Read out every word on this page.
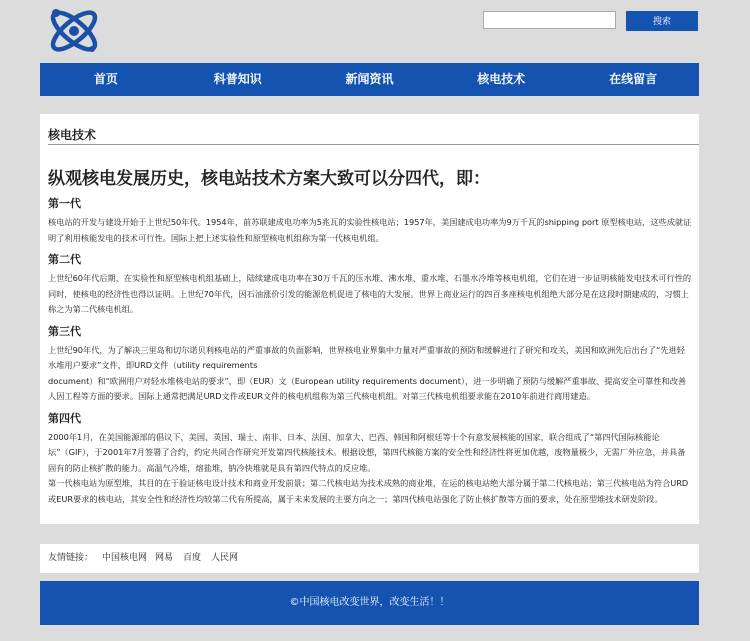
搜索
首页	科普知识	新闻资讯	核电技术	在线留言
核电技术
纵观核电发展历史，核电站技术方案大致可以分四代，即：
第一代

核电站的开发与建设开始于上世纪50年代。1954年，前苏联建成电功率为5兆瓦的实验性核电站；1957年，美国建成电功率为9万千瓦的shipping port 原型核电站，这些成就证

明了利用核能发电的技术可行性。国际上把上述实验性和原型核电机组称为第一代核电机组。

第二代

上世纪60年代后期，在实验性和原型核电机组基础上，陆续建成电功率在30万千瓦的压水堆、沸水堆、重水堆、石墨水冷堆等核电机组，它们在进一步证明核能发电技术可行性的

同时，使核电的经济性也得以证明。上世纪70年代，因石油涨价引发的能源危机促进了核电的大发展。世界上商业运行的四百多座核电机组绝大部分是在这段时期建成的，习惯上

称之为第二代核电机组。

第三代

上世纪90年代，为了解决三里岛和切尔诺贝利核电站的严重事故的负面影响，世界核电业界集中力量对严重事故的预防和缓解进行了研究和攻关，美国和欧洲先后出台了“先进轻

水堆用户要求”文件，即URD文件（utility requirements

document）和“欧洲用户对轻水堆核电站的要求”，即（EUR）文（European utility requirements document），进一步明确了预防与缓解严重事故、提高安全可靠性和改善

人因工程等方面的要求。国际上通常把满足URD文件或EUR文件的核电机组称为第三代核电机组。对第三代核电机组要求能在2010年前进行商用建造。

第四代

2000年1月，在美国能源部的倡议下，美国、英国、瑞士、南非、日本、法国、加拿大、巴西、韩国和阿根廷等十个有意发展核能的国家，联合组成了“第四代国际核能论

坛”（GIF），于2001年7月签署了合约，约定共同合作研究开发第四代核能技术。根据设想，第四代核能方案的安全性和经济性将更加优越，废物量极少，无需厂外应急，并具备

固有的防止核扩散的能力。高温气冷堆，熔盐堆，钠冷快堆就是具有第四代特点的反应堆。

第一代核电站为原型堆，其目的在于验证核电设计技术和商业开发前景；第二代核电站为技术成熟的商业堆，在运的核电站绝大部分属于第二代核电站；第三代核电站为符合URD

或EUR要求的核电站，其安全性和经济性均较第二代有所提高，属于未来发展的主要方向之一；第四代核电站强化了防止核扩散等方面的要求，处在原型堆技术研发阶段。

友情链接： 中国核电网 网易 百度 人民网
©中国核电改变世界，改变生活！！
